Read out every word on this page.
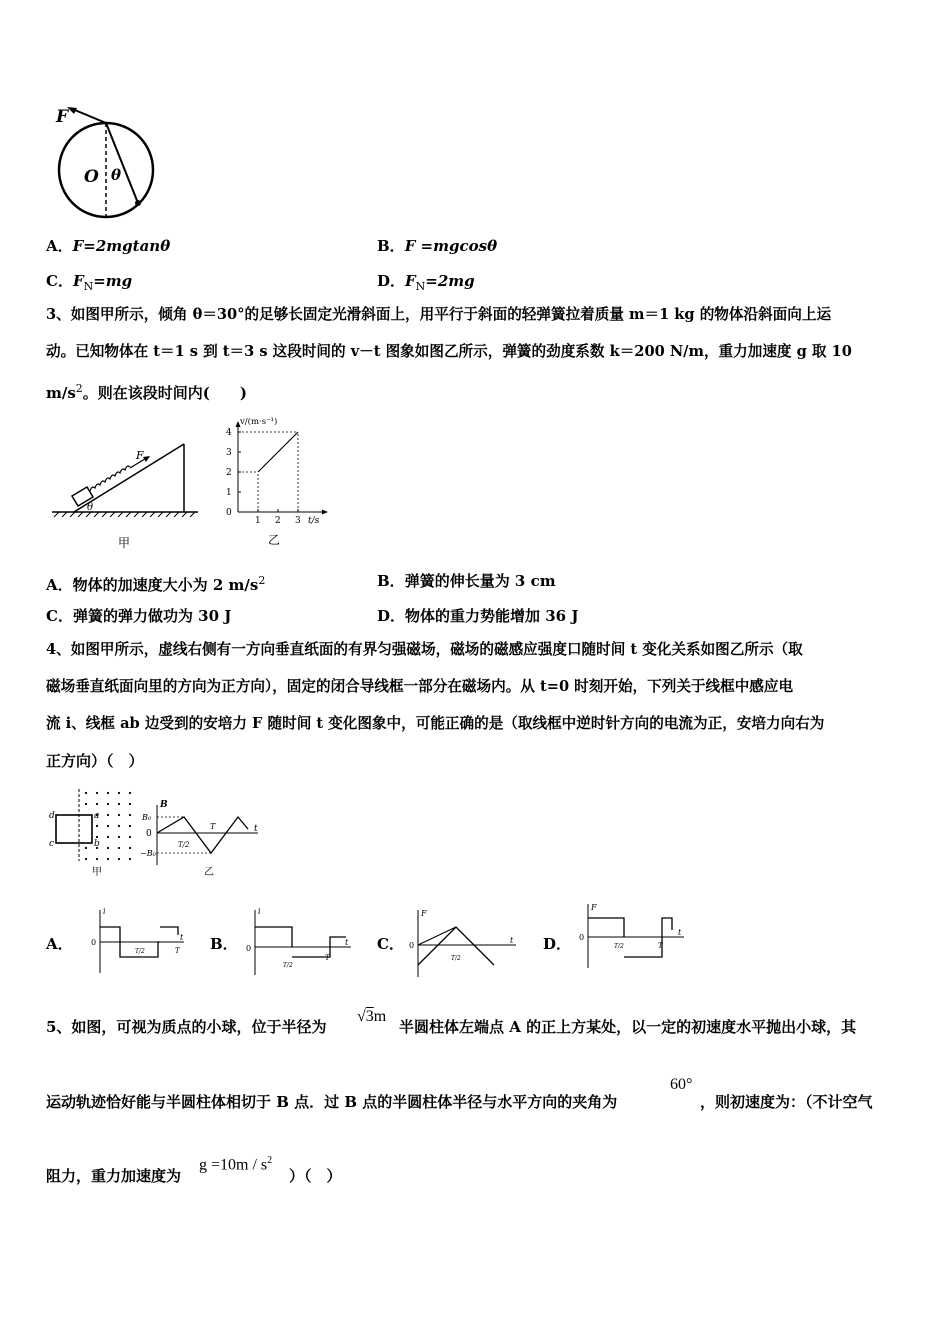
F
O θ
A．F=2mgtanθ	B．F =mgcosθ
C．$F_N=mg$	D．$F_N=2mg$
3、如图甲所示，倾角 θ＝30°的足够长固定光滑斜面上，用平行于斜面的轻弹簧拉着质量 m＝1 kg 的物体沿斜面向上运
动。已知物体在 t＝1 s 到 t＝3 s 这段时间的 v－t 图象如图乙所示，弹簧的劲度系数 k＝200 N/m，重力加速度 g 取 10
$m/s^2$。则在该段时间内(　　)
F
θ
甲
v/(m·s⁻¹)
t/s
乙
0
1
2
3
4
1 2 3
A．物体的加速度大小为 2 $m/s^2$	B．弹簧的伸长量为 3 cm
C．弹簧的弹力做功为 30 J	D．物体的重力势能增加 36 J
4、如图甲所示，虚线右侧有一方向垂直纸面的有界匀强磁场，磁场的磁感应强度口随时间 t 变化关系如图乙所示（取
磁场垂直纸面向里的方向为正方向），固定的闭合导线框一部分在磁场内。从 t=0 时刻开始，下列关于线框中感应电
流 i、线框 ab 边受到的安培力 F 随时间 t 变化图象中，可能正确的是（取线框中逆时针方向的电流为正，安培力向右为
正方向）（　）
d	a
c	b
甲
B
B₀
0
−B₀
T/2
T	t
乙
A．
i
0
T/2	T
t B．
i
0
T/2
T
t C．
F
0
T/2
t D．
F
0
T/2	T
t
5、如图，可视为质点的小球，位于半径为
√3m
半圆柱体左端点 A 的正上方某处，以一定的初速度水平抛出小球，其
运动轨迹恰好能与半圆柱体相切于 B 点．过 B 点的半圆柱体半径与水平方向的夹角为
60°
，则初速度为：（不计空气
阻力，重力加速度为
$g =10m / s^2$
）（　）
